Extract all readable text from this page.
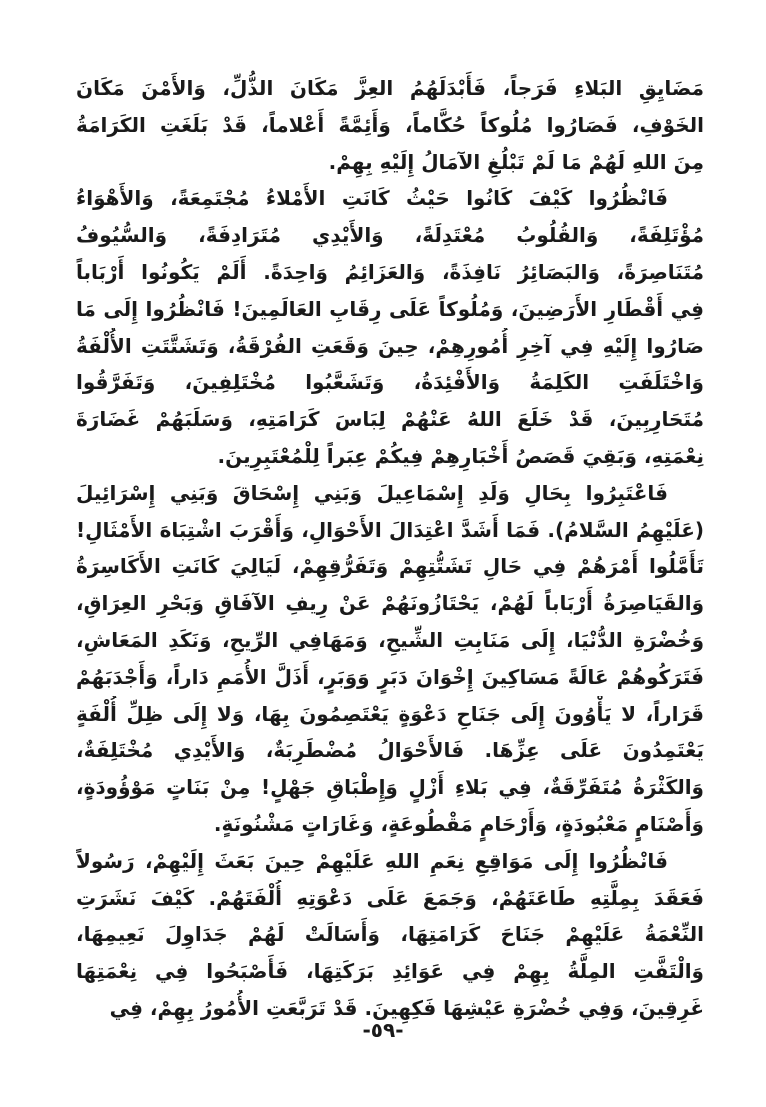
مَضَايِقِ البَلاءِ فَرَجاً، فَأَبْدَلَهُمُ العِزَّ مَكَانَ الذُّلِّ، وَالأَمْنَ مَكَانَ
الخَوْفِ، فَصَارُوا مُلُوكاً حُكَّاماً، وَأَئِمَّةً أَعْلاماً، قَدْ بَلَغَتِ الكَرَامَةُ
مِنَ اللهِ لَهُمْ مَا لَمْ تَبْلُغِ الآمَالُ إِلَيْهِ بِهِمْ.
فَانْظُرُوا كَيْفَ كَانُوا حَيْثُ كَانَتِ الأَمْلاءُ مُجْتَمِعَةً، وَالأَهْوَاءُ
مُؤْتَلِفَةً، وَالقُلُوبُ مُعْتَدِلَةً، وَالأَيْدِي مُتَرَادِفَةً، وَالسُّيُوفُ
مُتَنَاصِرَةً، وَالبَصَائِرُ نَافِذَةً، وَالعَزَائِمُ وَاحِدَةً. أَلَمْ يَكُونُوا أَرْبَاباً
فِي أَقْطَارِ الأَرَضِينَ، وَمُلُوكاً عَلَى رِقَابِ العَالَمِينَ! فَانْظُرُوا إِلَى مَا
صَارُوا إِلَيْهِ فِي آخِرِ أُمُورِهِمْ، حِينَ وَقَعَتِ الفُرْقَةُ، وَتَشَتَّتَتِ الأُلْفَةُ
وَاخْتَلَفَتِ الكَلِمَةُ وَالأَفْئِدَةُ، وَتَشَعَّبُوا مُخْتَلِفِينَ، وَتَفَرَّقُوا
مُتَحَارِبِينَ، قَدْ خَلَعَ اللهُ عَنْهُمْ لِبَاسَ كَرَامَتِهِ، وَسَلَبَهُمْ غَضَارَةَ
نِعْمَتِهِ، وَبَقِيَ قَصَصُ أَخْبَارِهِمْ فِيكُمْ عِبَراً لِلْمُعْتَبِرِينَ.
فَاعْتَبِرُوا بِحَالِ وَلَدِ إِسْمَاعِيلَ وَبَنِي إِسْحَاقَ وَبَنِي إِسْرَائِيلَ
(عَلَيْهِمُ السَّلامُ). فَمَا أَشَدَّ اعْتِدَالَ الأَحْوَالِ، وَأَقْرَبَ اشْتِبَاهَ الأَمْثَالِ!
تَأَمَّلُوا أَمْرَهُمْ فِي حَالِ تَشَتُّتِهِمْ وَتَفَرُّقِهِمْ، لَيَالِيَ كَانَتِ الأَكَاسِرَةُ
وَالقَيَاصِرَةُ أَرْبَاباً لَهُمْ، يَحْتَازُونَهُمْ عَنْ رِيفِ الآفَاقِ وَبَحْرِ العِرَاقِ،
وَخُضْرَةِ الدُّنْيَا، إِلَى مَنَابِتِ الشِّيحِ، وَمَهَافِي الرِّيحِ، وَنَكَدِ المَعَاشِ،
فَتَرَكُوهُمْ عَالَةً مَسَاكِينَ إِخْوَانَ دَبَرٍ وَوَبَرٍ، أَذَلَّ الأُمَمِ دَاراً، وَأَجْدَبَهُمْ
قَرَاراً، لا يَأْوُونَ إِلَى جَنَاحِ دَعْوَةٍ يَعْتَصِمُونَ بِهَا، وَلا إِلَى ظِلِّ أُلْفَةٍ
يَعْتَمِدُونَ عَلَى عِزِّهَا. فَالأَحْوَالُ مُضْطَرِبَةٌ، وَالأَيْدِي مُخْتَلِفَةٌ،
وَالكَثْرَةُ مُتَفَرِّقَةٌ، فِي بَلاءِ أَزْلٍ وَإِطْبَاقِ جَهْلٍ! مِنْ بَنَاتٍ مَوْؤُودَةٍ،
وَأَصْنَامٍ مَعْبُودَةٍ، وَأَرْحَامٍ مَقْطُوعَةٍ، وَغَارَاتٍ مَشْنُونَةٍ.
فَانْظُرُوا إِلَى مَوَاقِعِ نِعَمِ اللهِ عَلَيْهِمْ حِينَ بَعَثَ إِلَيْهِمْ، رَسُولاً
فَعَقَدَ بِمِلَّتِهِ طَاعَتَهُمْ، وَجَمَعَ عَلَى دَعْوَتِهِ أُلْفَتَهُمْ. كَيْفَ نَشَرَتِ
النِّعْمَةُ عَلَيْهِمْ جَنَاحَ كَرَامَتِهَا، وَأَسَالَتْ لَهُمْ جَدَاوِلَ نَعِيمِهَا،
وَالْتَفَّتِ المِلَّةُ بِهِمْ فِي عَوَائِدِ بَرَكَتِهَا، فَأَصْبَحُوا فِي نِعْمَتِهَا
غَرِقِينَ، وَفِي خُضْرَةِ عَيْشِهَا فَكِهِينَ. قَدْ تَرَبَّعَتِ الأُمُورُ بِهِمْ، فِي
-٥٩-
